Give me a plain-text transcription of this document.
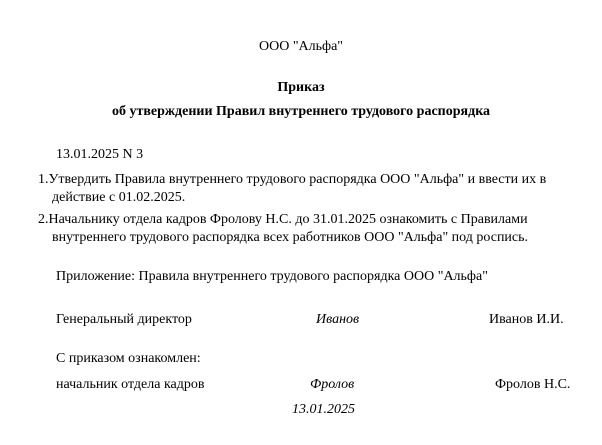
ООО "Альфа"
Приказ
об утверждении Правил внутреннего трудового распорядка
13.01.2025 N 3
1.Утвердить Правила внутреннего трудового распорядка ООО "Альфа" и ввести их в
действие с 01.02.2025.
2.Начальнику отдела кадров Фролову Н.С. до 31.01.2025 ознакомить с Правилами
внутреннего трудового распорядка всех работников ООО "Альфа" под роспись.
Приложение: Правила внутреннего трудового распорядка ООО "Альфа"
Генеральный директор	Иванов	Иванов И.И.
С приказом ознакомлен:
начальник отдела кадров	Фролов	Фролов Н.С.
13.01.2025
